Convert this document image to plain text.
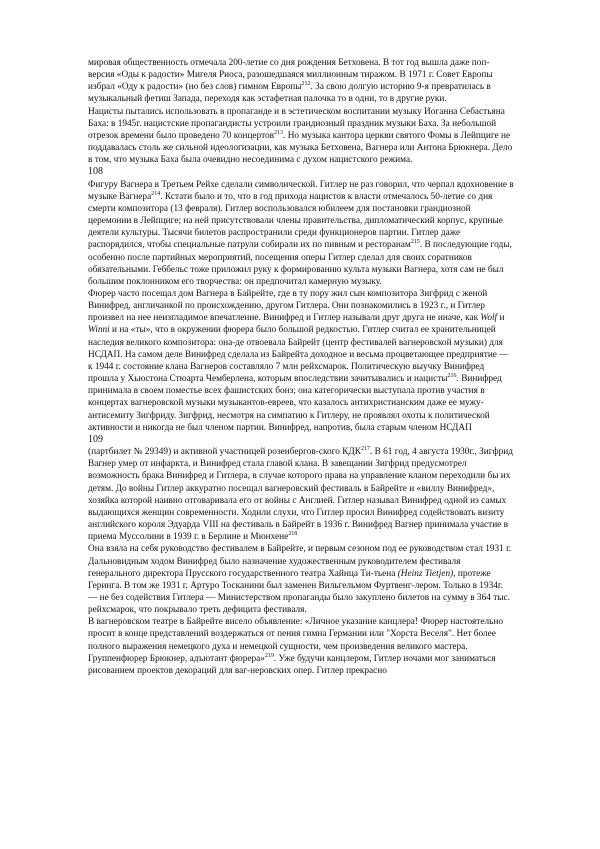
мировая общественность отмечала 200-летие со дня рождения Бетховена. В тот год вышла даже поп-версия «Оды к радости» Мигеля Риоса, разошедшаяся миллионным тиражом. В 1971 г. Совет Европы избрал «Оду к радости» (но без слов) гимном Европы$^{212}$. За свою долгую историю 9-я превратилась в музыкальный фетиш Запада, переходя как эстафетная палочка то в одни, то в другие руки.

Нацисты пытались использовать в пропаганде и в эстетическом воспитании музыку Иоганна Себастьяна Баха: в 1945г. нацистские пропагандисты устроили грандиозный праздник музыки Баха. За небольшой отрезок времени было проведено 70 концертов$^{213}$. Но музыка кантора церкви святого Фомы в Лейпциге не поддавалась столь же сильной идеологизации, как музыка Бетховена, Вагнера или Антона Брюкнера. Дело в том, что музыка Баха была очевидно несоединима с духом нацистского режима.

108

Фигуру Вагнера в Третьем Рейхе сделали символической. Гитлер не раз говорил, что черпал вдохновение в музыке Вагнера$^{214}$. Кстати было и то, что в год прихода нацистов к власти отмечалось 50-летие со дня смерти композитора (13 февраля). Гитлер воспользовался юбилеем для постановки грандиозной церемонии в Лейпциге; на ней присутствовали члены правительства, дипломатический корпус, крупные деятели культуры. Тысячи билетов распространили среди функционеров партии. Гитлер даже распорядился, чтобы специальные патрули собирали их по пивным и ресторанам$^{215}$. В последующие годы, особенно после партийных мероприятий, посещения оперы Гитлер сделал для своих соратников обязательными. Геббельс тоже приложил руку к формированию культа музыки Вагнера, хотя сам не был большим поклонником его творчества: он предпочитал камерную музыку.

Фюрер часто посещал дом Вагнера в Байрейте, где в ту пору жил сын композитора Зигфрид с женой Винифред, англичанкой по происхождению, другом Гитлера. Они познакомились в 1923 г., и Гитлер произвел на нее неизгладимое впечатление. Винифред и Гитлер называли друг друга не иначе, как Wolf и Winni и на «ты», что в окружении фюрера было большой редкостью. Гитлер считал ее хранительницей наследия великого композитора: она-де отвоевала Байрейт (центр фестивалей вагнеровской музыки) для НСДАП. На самом деле Винифред сделала из Байрейта доходное и весьма процветающее предприятие — к 1944 г. состояние клана Вагнеров составляло 7 млн рейхсмарок. Политическую выучку Винифред прошла у Хьюстона Стюарта Чемберлена, которым впоследствии зачитывались и нацисты$^{216}$. Винифред принимала в своем поместье всех фашистских бонз; она категорически выступала против участия в концертах вагнеровской музыки музыкантов-евреев, что казалось антихристианским даже ее мужу-антисемиту Зигфриду. Зигфрид, несмотря на симпатию к Гитлеру, не проявлял охоты к политической активности и никогда не был членом партии. Винифред, напротив, была старым членом НСДАП

109

(партбилет № 29349) и активной участницей розенбергов-ского КДК$^{217}$. В 61 год, 4 августа 1930г., Зигфрид Вагнер умер от инфаркта, и Винифред стала главой клана. В завещании Зигфрид предусмотрел возможность брака Винифред и Гитлера, в случае которого права на управление кланом переходили бы их детям. До войны Гитлер аккуратно посещал вагнеровский фестиваль в Байрейте и «виллу Винифред», хозяйка которой наивно отговаривала его от войны с Англией. Гитлер называл Винифред одной из самых выдающихся женщин современности. Ходили слухи, что Гитлер просил Винифред содействовать визиту английского короля Эдуарда VIII на фестиваль в Байрейт в 1936 г. Винифред Вагнер принимала участие в приема Муссолини в 1939 г. в Берлине и Мюнхене$^{218}$

Она взяла на себя руководство фестивалем в Байрейте, и первым сезоном под ее руководством стал 1931 г. Дальновидным ходом Винифред было назначение художественным руководителем фестиваля генерального директора Прусского государственного театра Хайнца Ти-тьена (Heinz Tietjen), протеже Геринга. В том же 1931 г. Артуро Тосканини был заменен Вильгельмом Фуртвенг-лером. Только в 1934г. — не без содействия Гитлера — Министерством пропаганды было закуплено билетов на сумму в 364 тыс. рейхсмарок, что покрывало треть дефицита фестиваля.

В вагнеровском театре в Байрейте висело объявление: «Личное указание канцлера! Фюрер настоятельно просит в конце представлений воздержаться от пения гимна Германии или "Хорста Веселя". Нет более полного выражения немецкого духа и немецкой сущности, чем произведения великого мастера. Группенфюрер Брюкнер, адъютант фюрера»$^{219}$. Уже будучи канцлером, Гитлер ночами мог заниматься рисованием проектов декораций для ваг-неровских опер. Гитлер прекрасно
